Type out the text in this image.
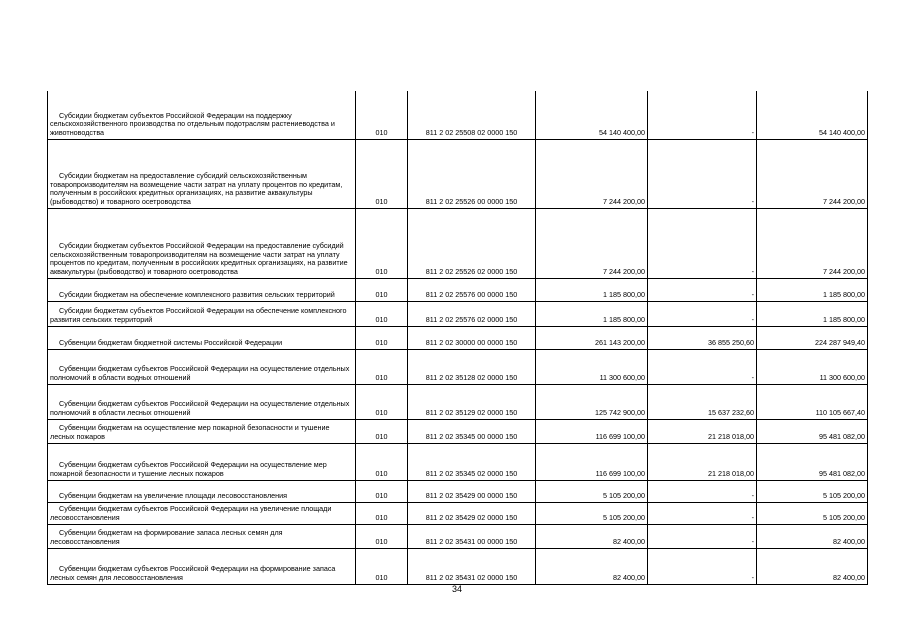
Субсидии бюджетам субъектов Российской Федерации на поддержку сельскохозяйственного производства по отдельным подотраслям растениеводства и животноводства	010	811 2 02 25508 02 0000 150	54 140 400,00	-	54 140 400,00

Субсидии бюджетам на предоставление субсидий сельскохозяйственным товаропроизводителям на возмещение части затрат на уплату процентов по кредитам, полученным в российских кредитных организациях, на развитие аквакультуры (рыбоводство) и товарного осетроводства	010	811 2 02 25526 00 0000 150	7 244 200,00	-	7 244 200,00

Субсидии бюджетам субъектов Российской Федерации на предоставление субсидий сельскохозяйственным товаропроизводителям на возмещение части затрат на уплату процентов по кредитам, полученным в российских кредитных организациях, на развитие аквакультуры (рыбоводство) и товарного осетроводства	010	811 2 02 25526 02 0000 150	7 244 200,00	-	7 244 200,00

Субсидии бюджетам на обеспечение комплексного развития сельских территорий	010	811 2 02 25576 00 0000 150	1 185 800,00	-	1 185 800,00

Субсидии бюджетам субъектов Российской Федерации на обеспечение комплексного развития сельских территорий	010	811 2 02 25576 02 0000 150	1 185 800,00	-	1 185 800,00

Субвенции бюджетам бюджетной системы Российской Федерации	010	811 2 02 30000 00 0000 150	261 143 200,00	36 855 250,60	224 287 949,40

Субвенции бюджетам субъектов Российской Федерации на осуществление отдельных полномочий в области водных отношений	010	811 2 02 35128 02 0000 150	11 300 600,00	-	11 300 600,00

Субвенции бюджетам субъектов Российской Федерации на осуществление отдельных полномочий в области лесных отношений	010	811 2 02 35129 02 0000 150	125 742 900,00	15 637 232,60	110 105 667,40

Субвенции бюджетам на осуществление мер пожарной безопасности и тушение лесных пожаров	010	811 2 02 35345 00 0000 150	116 699 100,00	21 218 018,00	95 481 082,00

Субвенции бюджетам субъектов Российской Федерации на осуществление мер пожарной безопасности и тушение лесных пожаров	010	811 2 02 35345 02 0000 150	116 699 100,00	21 218 018,00	95 481 082,00

Субвенции бюджетам на увеличение площади лесовосстановления	010	811 2 02 35429 00 0000 150	5 105 200,00	-	5 105 200,00

Субвенции бюджетам субъектов Российской Федерации на увеличение площади лесовосстановления	010	811 2 02 35429 02 0000 150	5 105 200,00	-	5 105 200,00

Субвенции бюджетам на формирование запаса лесных семян для лесовосстановления	010	811 2 02 35431 00 0000 150	82 400,00	-	82 400,00

Субвенции бюджетам субъектов Российской Федерации на формирование запаса лесных семян для лесовосстановления	010	811 2 02 35431 02 0000 150	82 400,00	-	82 400,00
34
